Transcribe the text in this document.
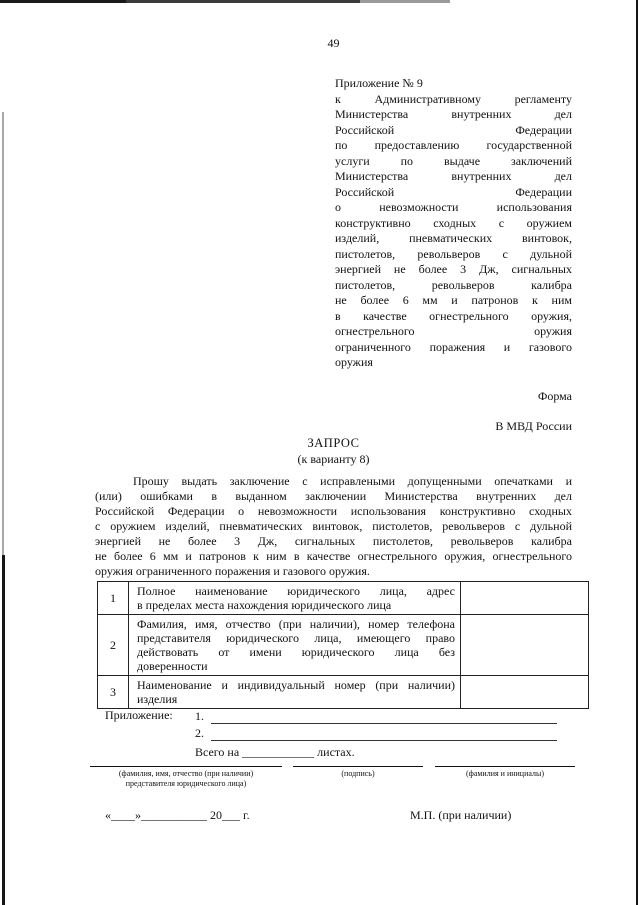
49
Приложение № 9
к Административному регламенту
Министерства внутренних дел
Российской Федерации
по предоставлению государственной
услуги по выдаче заключений
Министерства внутренних дел
Российской Федерации
о невозможности использования
конструктивно сходных с оружием
изделий, пневматических винтовок,
пистолетов, револьверов с дульной
энергией не более 3 Дж, сигнальных
пистолетов, револьверов калибра
не более 6 мм и патронов к ним
в качестве огнестрельного оружия,
огнестрельного оружия
ограниченного поражения и газового
оружия
Форма
В МВД России
ЗАПРОС
(к варианту 8)
Прошу выдать заключение с исправлеными допущенными опечатками и
(или) ошибками в выданном заключении Министерства внутренних дел
Российской Федерации о невозможности использования конструктивно сходных
с оружием изделий, пневматических винтовок, пистолетов, револьверов с дульной
энергией не более 3 Дж, сигнальных пистолетов, револьверов калибра
не более 6 мм и патронов к ним в качестве огнестрельного оружия, огнестрельного
оружия ограниченного поражения и газового оружия.
1	Полное наименование юридического лица, адрес
в пределах места нахождения юридического лица	

2	Фамилия, имя, отчество (при наличии), номер телефона
представителя юридического лица, имеющего право
действовать от имени юридического лица без
доверенности	

3	Наименование и индивидуальный номер (при наличии)
изделия	

Приложение:	1.
2.
Всего на ____________ листах.
(фамилия, имя, отчество (при наличии)
представителя юридического лица)
(подпись)	(фамилия и инициалы)
«____»___________ 20___ г.	М.П. (при наличии)
